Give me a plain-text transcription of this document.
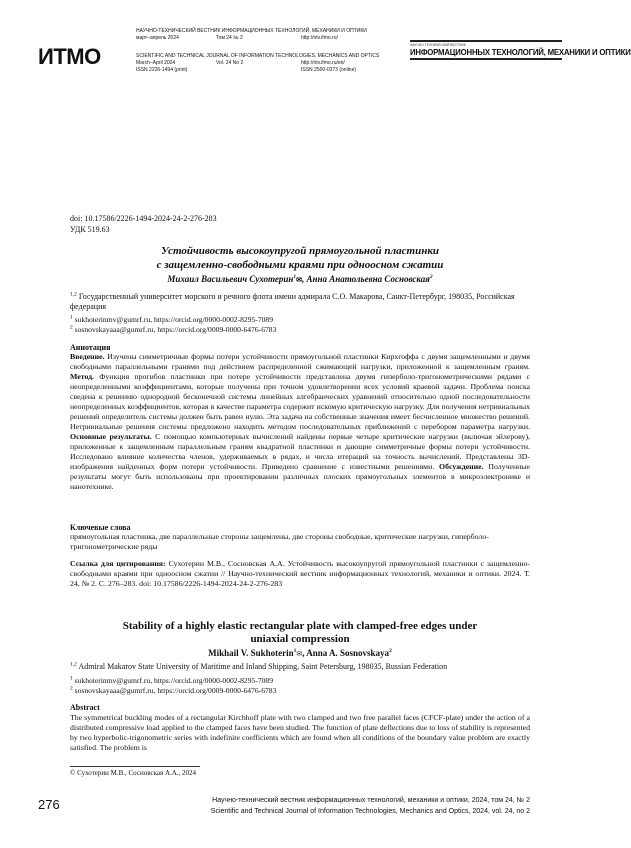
ИTMO
НАУЧНО-ТЕХНИЧЕСКИЙ ВЕСТНИК ИНФОРМАЦИОННЫХ ТЕХНОЛОГИЙ, МЕХАНИКИ И ОПТИКИ
март–апрель 2024	Том 24 № 2	http://ntv.ifmo.ru/
SCIENTIFIC AND TECHNICAL JOURNAL OF INFORMATION TECHNOLOGIES, MECHANICS AND OPTICS
March–April 2024	Vol. 24 No 2	http://ntv.ifmo.ru/en/
ISSN 2226-1494 (print)	ISSN 2500-0373 (online)
НАУЧНО-ТЕХНИЧЕСКИЙ ВЕСТНИК
ИНФОРМАЦИОННЫХ ТЕХНОЛОГИЙ, МЕХАНИКИ И ОПТИКИ
doi: 10.17586/2226-1494-2024-24-2-276-283
УДК 519.63
Устойчивость высокоупругой прямоугольной пластинки
с защемленно-свободными краями при одноосном сжатии
Михаил Васильевич Сухотерин$^1$✉, Анна Анатольевна Сосновская$^2$
$^{1,2}$ Государственный университет морского и речного флота имени адмирала С.О. Макарова, Санкт-Петербург, 198035, Российская федерация
$^1$ sukhoterinmv@gumrf.ru, https://orcid.org/0000-0002-8295-7089
$^2$ sosnovskayaaa@gumrf.ru, https://orcid.org/0009-0000-6476-6783
Аннотация
Введение. Изучены симметричные формы потери устойчивости прямоугольной пластинки Кирхгоффа с двумя защемленными и двумя свободными параллельными гранями под действием распределенной сжимающей нагрузки, приложенной к защемленным граням. Метод. Функция прогибов пластинки при потере устойчивости представлена двумя гиперболо-тригонометрическими рядами с неопределенными коэффициентами, которые получены при точном удовлетворении всех условий краевой задачи. Проблема поиска сведена к решению однородной бесконечной системы линейных алгебраических уравнений относительно одной последовательности неопределенных коэффициентов, которая в качестве параметра содержит искомую критическую нагрузку. Для получения нетривиальных решений определитель системы должен быть равен нулю. Эта задача на собственные значения имеет бесчисленное множество решений. Нетривиальные решения системы предложено находить методом последовательных приближений с перебором параметра нагрузки. Основные результаты. С помощью компьютерных вычислений найдены первые четыре критические нагрузки (включая эйлерову), приложенные к защемленным параллельным граням квадратной пластинки и дающие симметричные формы потери устойчивости. Исследовано влияние количества членов, удерживаемых в рядах, и числа итераций на точность вычислений. Представлены 3D-изображения найденных форм потери устойчивости. Приведено сравнение с известными решениями. Обсуждение. Полученные результаты могут быть использованы при проектировании различных плоских прямоугольных элементов в микроэлектронике и нанотехнике.
Ключевые слова
прямоугольная пластинка, две параллельные стороны защемлены, две стороны свободные, критические нагрузки, гиперболо-тригонометрические ряды
Ссылка для цитирования: Сухотерин М.В., Сосновская А.А. Устойчивость высокоупругой прямоугольной пластинки с защемленно-свободными краями при одноосном сжатии // Научно-технический вестник информационных технологий, механики и оптики. 2024. Т. 24, № 2. С. 276–283. doi: 10.17586/2226-1494-2024-24-2-276-283
Stability of a highly elastic rectangular plate with clamped-free edges under
uniaxial compression
Mikhail V. Sukhoterin$^1$✉, Anna A. Sosnovskaya$^2$
$^{1,2}$ Admiral Makarov State University of Maritime and Inland Shipping, Saint Petersburg, 198035, Russian Federation
$^1$ sukhoterinmv@gumrf.ru, https://orcid.org/0000-0002-8295-7089
$^2$ sosnovskayaaa@gumrf.ru, https://orcid.org/0009-0000-6476-6783
Abstract
The symmetrical buckling modes of a rectangular Kirchhoff plate with two clamped and two free parallel faces (CFCF-plate) under the action of a distributed compressive load applied to the clamped faces have been studied. The function of plate deflections due to loss of stability is represented by two hyperbolic-trigonometric series with indefinite coefficients which are found when all conditions of the boundary value problem are exactly satisfied. The problem is
© Сухотерин М.В., Сосновская А.А., 2024
276	Научно-технический вестник информационных технологий, механики и оптики, 2024, том 24, № 2
Scientific and Technical Journal of Information Technologies, Mechanics and Optics, 2024, vol. 24, no 2
